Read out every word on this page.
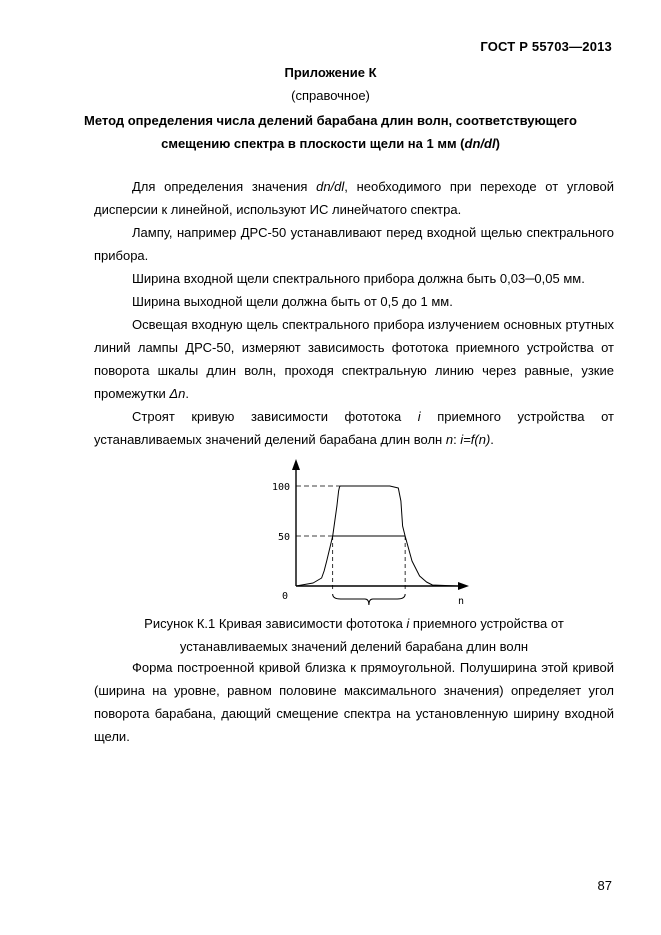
ГОСТ Р 55703—2013
Приложение К
(справочное)
Метод определения числа делений барабана длин волн, соответствующего
смещению спектра в плоскости щели на 1 мм (dn/dl)

Для определения значения dn/dl, необходимого при переходе от угловой дисперсии к линейной, используют ИС линейчатого спектра.

Лампу, например ДРС-50 устанавливают перед входной щелью спектрального прибора.

Ширина входной щели спектрального прибора должна быть 0,03─0,05 мм.

Ширина выходной щели должна быть от 0,5 до 1 мм.

Освещая входную щель спектрального прибора излучением основных ртутных линий лампы ДРС-50, измеряют зависимость фототока приемного устройства от поворота шкалы длин волн, проходя спектральную линию через равные, узкие промежутки Δn.

Строят кривую зависимости фототока i приемного устройства от устанавливаемых значений делений барабана длин волн n: i=f(n).

100
50
0	n
Рисунок К.1 Кривая зависимости фототока i приемного устройства от устанавливаемых значений делений барабана длин волн

Форма построенной кривой близка к прямоугольной. Полуширина этой кривой (ширина на уровне, равном половине максимального значения) определяет угол поворота барабана, дающий смещение спектра на установленную ширину входной щели.

87
